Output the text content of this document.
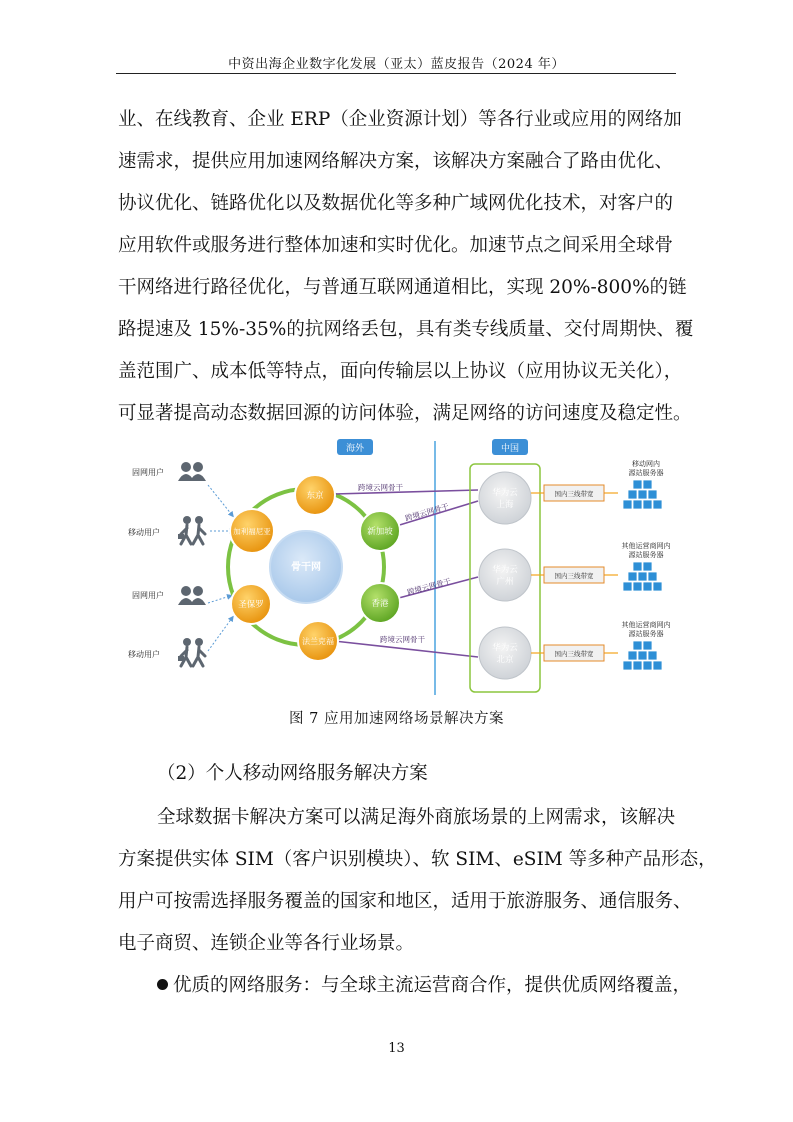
中资出海企业数字化发展（亚太）蓝皮报告（2024 年）
业、在线教育、企业 ERP（企业资源计划）等各行业或应用的网络加
速需求，提供应用加速网络解决方案，该解决方案融合了路由优化、
协议优化、链路优化以及数据优化等多种广域网优化技术，对客户的
应用软件或服务进行整体加速和实时优化。加速节点之间采用全球骨
干网络进行路径优化，与普通互联网通道相比，实现 20%-800%的链
路提速及 15%-35%的抗网络丢包，具有类专线质量、交付周期快、覆
盖范围广、成本低等特点，面向传输层以上协议（应用协议无关化），
可显著提高动态数据回源的访问体验，满足网络的访问速度及稳定性。
海外	中国
固网用户
移动用户
固网用户
移动用户
跨境云网骨干
跨境云网骨干
跨境云网骨干
跨境云网骨干
骨干网
东京
新加坡
香港
法兰克福
圣保罗
加利福尼亚
华为云
上海
华为云
广州
华为云
北京
国内三线带宽
国内三线带宽
国内三线带宽
移动网内
源站服务器
其他运营商网内
源站服务器
其他运营商网内
源站服务器
图 7 应用加速网络场景解决方案
（2）个人移动网络服务解决方案
全球数据卡解决方案可以满足海外商旅场景的上网需求，该解决
方案提供实体 SIM（客户识别模块）、软 SIM、eSIM 等多种产品形态，
用户可按需选择服务覆盖的国家和地区，适用于旅游服务、通信服务、
电子商贸、连锁企业等各行业场景。
优质的网络服务：与全球主流运营商合作，提供优质网络覆盖，
13
